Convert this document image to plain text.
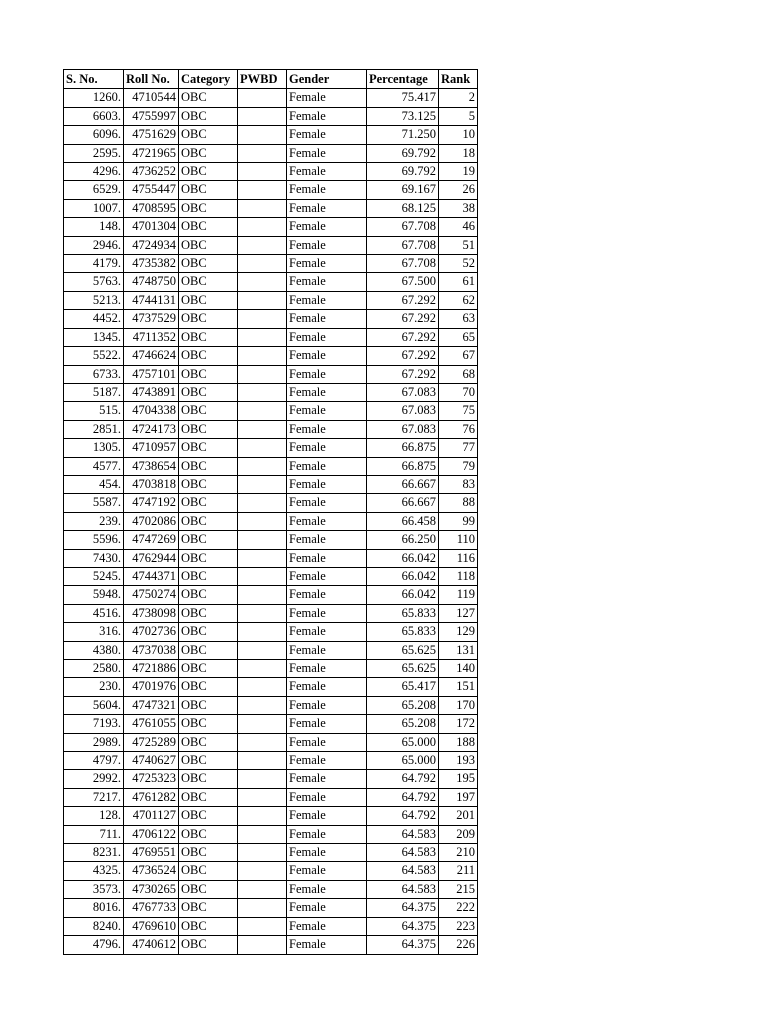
S. No.	Roll No.	Category	PWBD	Gender	Percentage	Rank
1260.	4710544	OBC		Female	75.417	2
6603.	4755997	OBC		Female	73.125	5
6096.	4751629	OBC		Female	71.250	10
2595.	4721965	OBC		Female	69.792	18
4296.	4736252	OBC		Female	69.792	19
6529.	4755447	OBC		Female	69.167	26
1007.	4708595	OBC		Female	68.125	38
148.	4701304	OBC		Female	67.708	46
2946.	4724934	OBC		Female	67.708	51
4179.	4735382	OBC		Female	67.708	52
5763.	4748750	OBC		Female	67.500	61
5213.	4744131	OBC		Female	67.292	62
4452.	4737529	OBC		Female	67.292	63
1345.	4711352	OBC		Female	67.292	65
5522.	4746624	OBC		Female	67.292	67
6733.	4757101	OBC		Female	67.292	68
5187.	4743891	OBC		Female	67.083	70
515.	4704338	OBC		Female	67.083	75
2851.	4724173	OBC		Female	67.083	76
1305.	4710957	OBC		Female	66.875	77
4577.	4738654	OBC		Female	66.875	79
454.	4703818	OBC		Female	66.667	83
5587.	4747192	OBC		Female	66.667	88
239.	4702086	OBC		Female	66.458	99
5596.	4747269	OBC		Female	66.250	110
7430.	4762944	OBC		Female	66.042	116
5245.	4744371	OBC		Female	66.042	118
5948.	4750274	OBC		Female	66.042	119
4516.	4738098	OBC		Female	65.833	127
316.	4702736	OBC		Female	65.833	129
4380.	4737038	OBC		Female	65.625	131
2580.	4721886	OBC		Female	65.625	140
230.	4701976	OBC		Female	65.417	151
5604.	4747321	OBC		Female	65.208	170
7193.	4761055	OBC		Female	65.208	172
2989.	4725289	OBC		Female	65.000	188
4797.	4740627	OBC		Female	65.000	193
2992.	4725323	OBC		Female	64.792	195
7217.	4761282	OBC		Female	64.792	197
128.	4701127	OBC		Female	64.792	201
711.	4706122	OBC		Female	64.583	209
8231.	4769551	OBC		Female	64.583	210
4325.	4736524	OBC		Female	64.583	211
3573.	4730265	OBC		Female	64.583	215
8016.	4767733	OBC		Female	64.375	222
8240.	4769610	OBC		Female	64.375	223
4796.	4740612	OBC		Female	64.375	226
